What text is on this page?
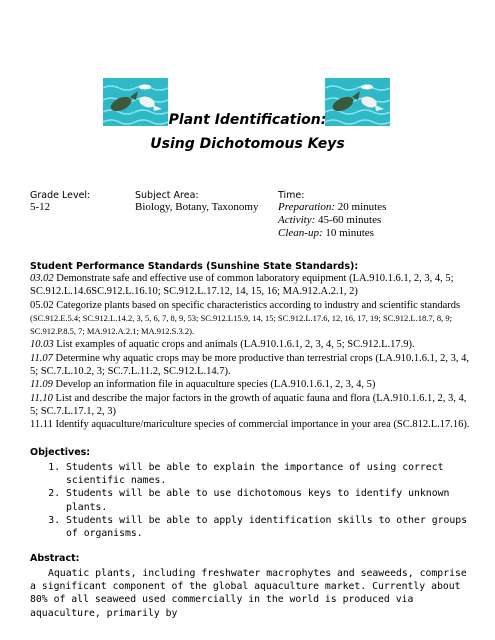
Plant Identification:
Using Dichotomous Keys
Grade Level:
5-12
Subject Area:
Biology, Botany, Taxonomy
Time:
Preparation: 20 minutes
Activity: 45-60 minutes
Clean-up: 10 minutes
Student Performance Standards (Sunshine State Standards):
03.02 Demonstrate safe and effective use of common laboratory equipment (LA.910.1.6.1, 2, 3, 4, 5; SC.912.L.14.6SC.912.L.16.10; SC.912.L.17.12, 14, 15, 16; MA.912.A.2.1, 2)
05.02 Categorize plants based on specific characteristics according to industry and scientific standards (SC.912.E.5.4; SC.912.L.14.2, 3, 5, 6, 7, 8, 9, 53; SC.912.L15.9, 14, 15; SC.912.L.17.6, 12, 16, 17, 19; SC.912.L.18.7, 8, 9; SC.912.P.8.5, 7; MA.912.A.2.1; MA.912.S.3.2).
10.03 List examples of aquatic crops and animals (LA.910.1.6.1, 2, 3, 4, 5; SC.912.L.17.9).
11.07 Determine why aquatic crops may be more productive than terrestrial crops (LA.910.1.6.1, 2, 3, 4, 5; SC.7.L.10.2, 3; SC.7.L.11.2, SC.912.L.14.7).
11.09 Develop an information file in aquaculture species (LA.910.1.6.1, 2, 3, 4, 5)
11.10 List and describe the major factors in the growth of aquatic fauna and flora (LA.910.1.6.1, 2, 3, 4, 5; SC.7.L.17.1, 2, 3)
11.11 Identify aquaculture/mariculture species of commercial importance in your area (SC.812.L.17.16).
Objectives:
1. Students will be able to explain the importance of using correct scientific names.
2. Students will be able to use dichotomous keys to identify unknown plants.
3. Students will be able to apply identification skills to other groups of organisms.
Abstract:
Aquatic plants, including freshwater macrophytes and seaweeds, comprise a significant component of the global aquaculture market. Currently about 80% of all seaweed used commercially in the world is produced via aquaculture, primarily by
